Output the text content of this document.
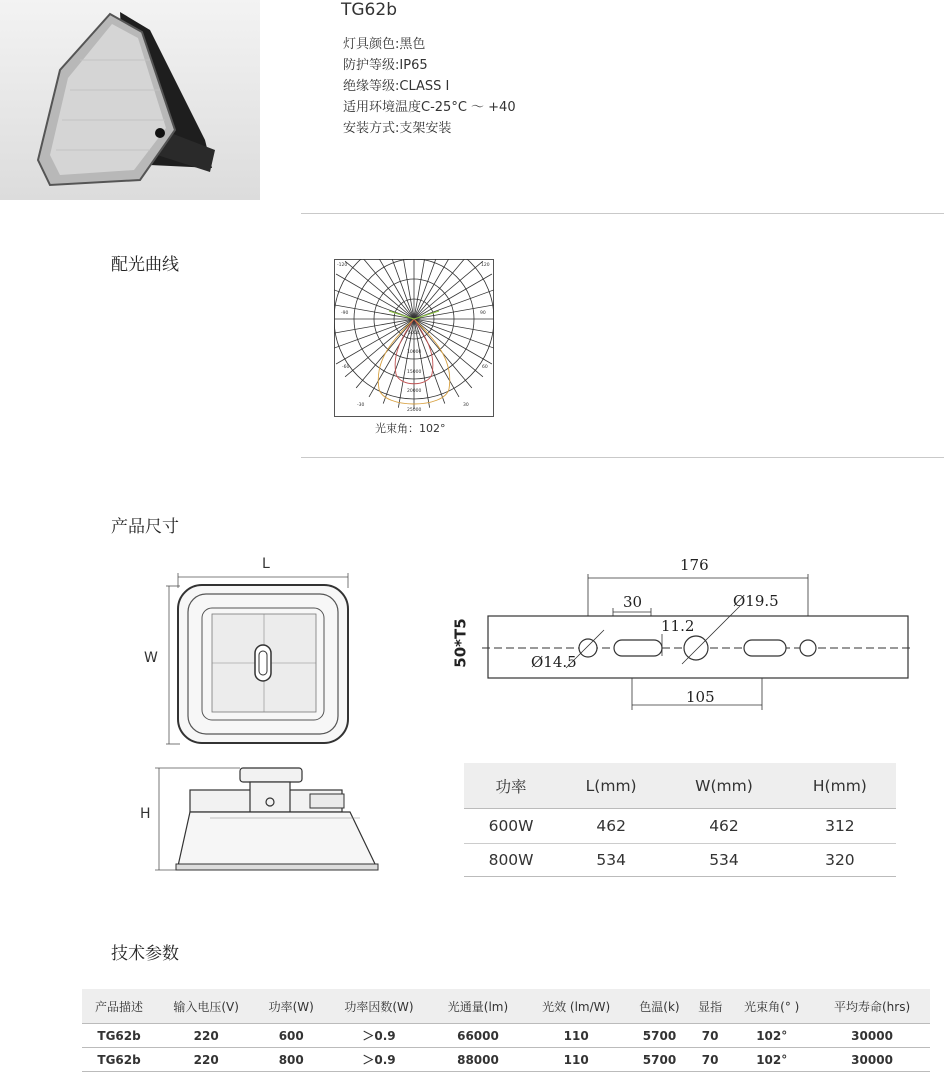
TG62b
灯具颜色:黑色
防护等级:IP65
绝缘等级:CLASS Ⅰ
适用环境温度C-25°C ～ +40
安装方式:支架安装
配光曲线	-120	120
-90	90
-60	60
-30	30
5000
10000
15000
20000
25000
光束角：102°
产品尺寸
L
W
H
176
30
11.2
Ø19.5
Ø14.5
105
50*T5
功率	L(mm)	W(mm)	H(mm)
600W	462	462	312
800W	534	534	320
技术参数
产品描述	输入电压(V)	功率(W)	功率因数(W)	光通量(lm)	光效 (lm/W)	色温(k)	显指	光束角(° )	平均寿命(hrs)
TG62b	220	600	＞0.9	66000	110	5700	70	102°	30000
TG62b	220	800	＞0.9	88000	110	5700	70	102°	30000
